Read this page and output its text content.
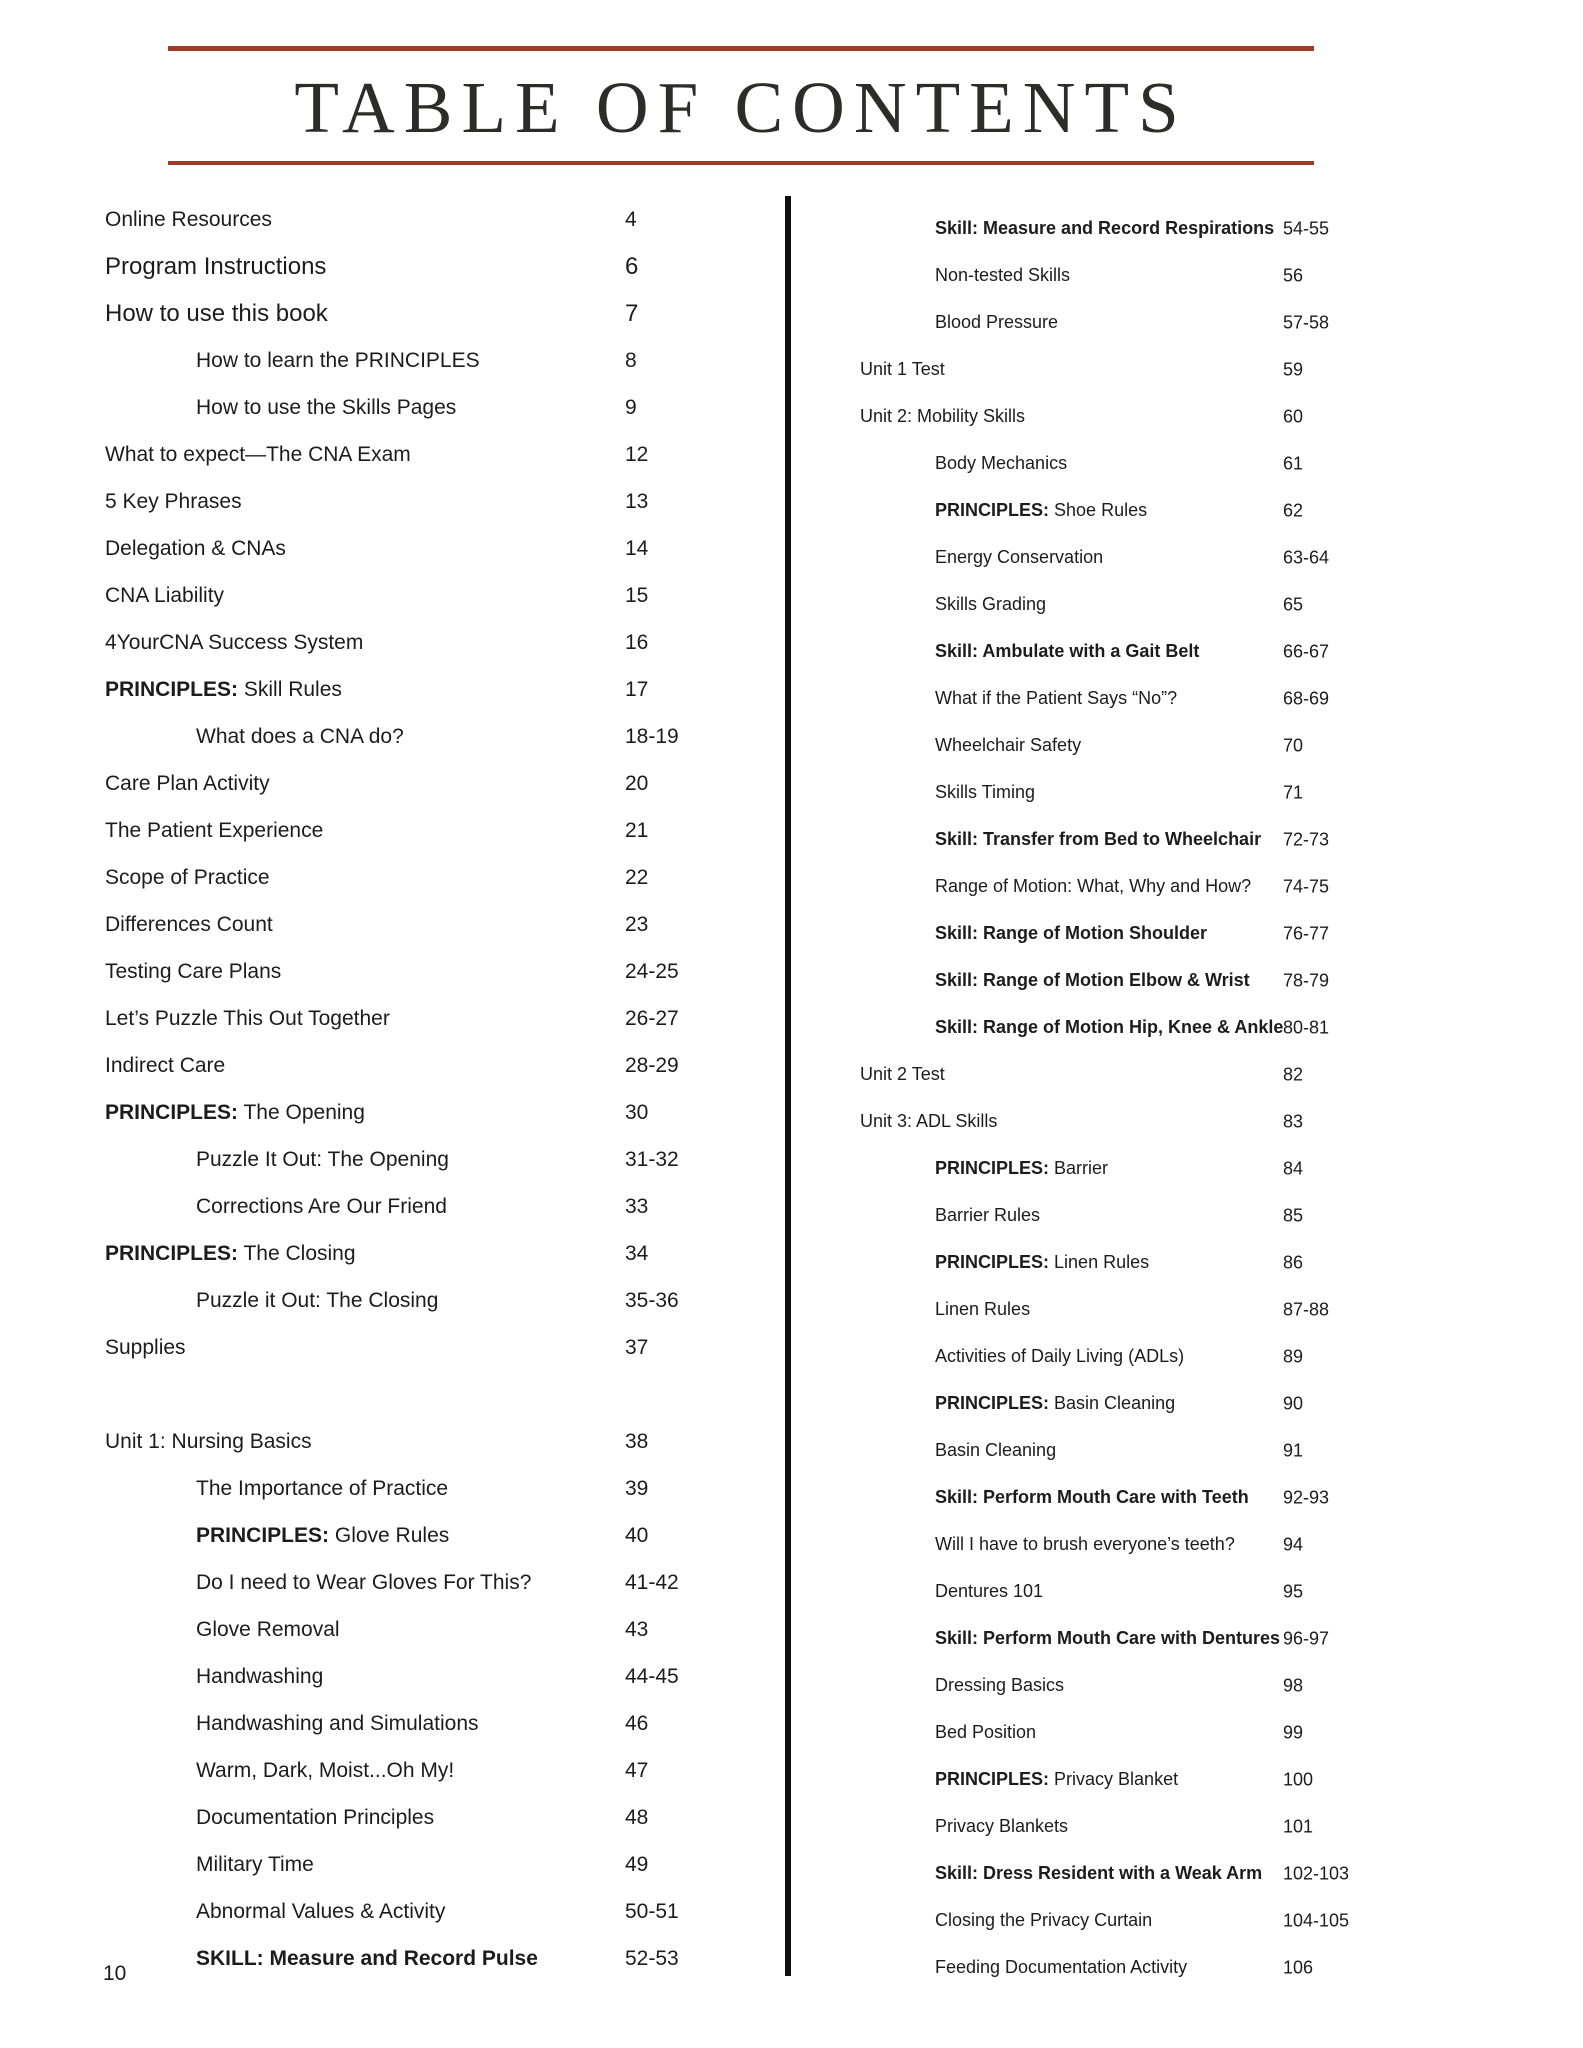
TABLE OF CONTENTS
Online Resources	4
Program Instructions	6
How to use this book	7
How to learn the PRINCIPLES	8
How to use the Skills Pages	9
What to expect—The CNA Exam	12
5 Key Phrases	13
Delegation & CNAs	14
CNA Liability	15
4YourCNA Success System	16
PRINCIPLES: Skill Rules	17
What does a CNA do?	18-19
Care Plan Activity	20
The Patient Experience	21
Scope of Practice	22
Differences Count	23
Testing Care Plans	24-25
Let’s Puzzle This Out Together	26-27
Indirect Care	28-29
PRINCIPLES: The Opening	30
Puzzle It Out: The Opening	31-32
Corrections Are Our Friend	33
PRINCIPLES: The Closing	34
Puzzle it Out: The Closing	35-36
Supplies	37
Unit 1: Nursing Basics	38
The Importance of Practice	39
PRINCIPLES: Glove Rules	40
Do I need to Wear Gloves For This?	41-42
Glove Removal	43
Handwashing	44-45
Handwashing and Simulations	46
Warm, Dark, Moist...Oh My!	47
Documentation Principles	48
Military Time	49
Abnormal Values & Activity	50-51
SKILL: Measure and Record Pulse	52-53
Skill: Measure and Record Respirations 54-55
Non-tested Skills	56
Blood Pressure	57-58
Unit 1 Test	59
Unit 2: Mobility Skills	60
Body Mechanics	61
PRINCIPLES: Shoe Rules	62
Energy Conservation	63-64
Skills Grading	65
Skill: Ambulate with a Gait Belt	66-67
What if the Patient Says “No”?	68-69
Wheelchair Safety	70
Skills Timing	71
Skill: Transfer from Bed to Wheelchair 72-73
Range of Motion: What, Why and How? 74-75
Skill: Range of Motion Shoulder	76-77
Skill: Range of Motion Elbow & Wrist 78-79
Skill: Range of Motion Hip, Knee & Ankle 80-81
Unit 2 Test	82
Unit 3: ADL Skills	83
PRINCIPLES: Barrier	84
Barrier Rules	85
PRINCIPLES: Linen Rules	86
Linen Rules	87-88
Activities of Daily Living (ADLs)	89
PRINCIPLES: Basin Cleaning	90
Basin Cleaning	91
Skill: Perform Mouth Care with Teeth 92-93
Will I have to brush everyone’s teeth?	94
Dentures 101	95
Skill: Perform Mouth Care with Dentures 96-97
Dressing Basics	98
Bed Position	99
PRINCIPLES: Privacy Blanket	100
Privacy Blankets	101
Skill: Dress Resident with a Weak Arm 102-103
Closing the Privacy Curtain	104-105
Feeding Documentation Activity	106
10
